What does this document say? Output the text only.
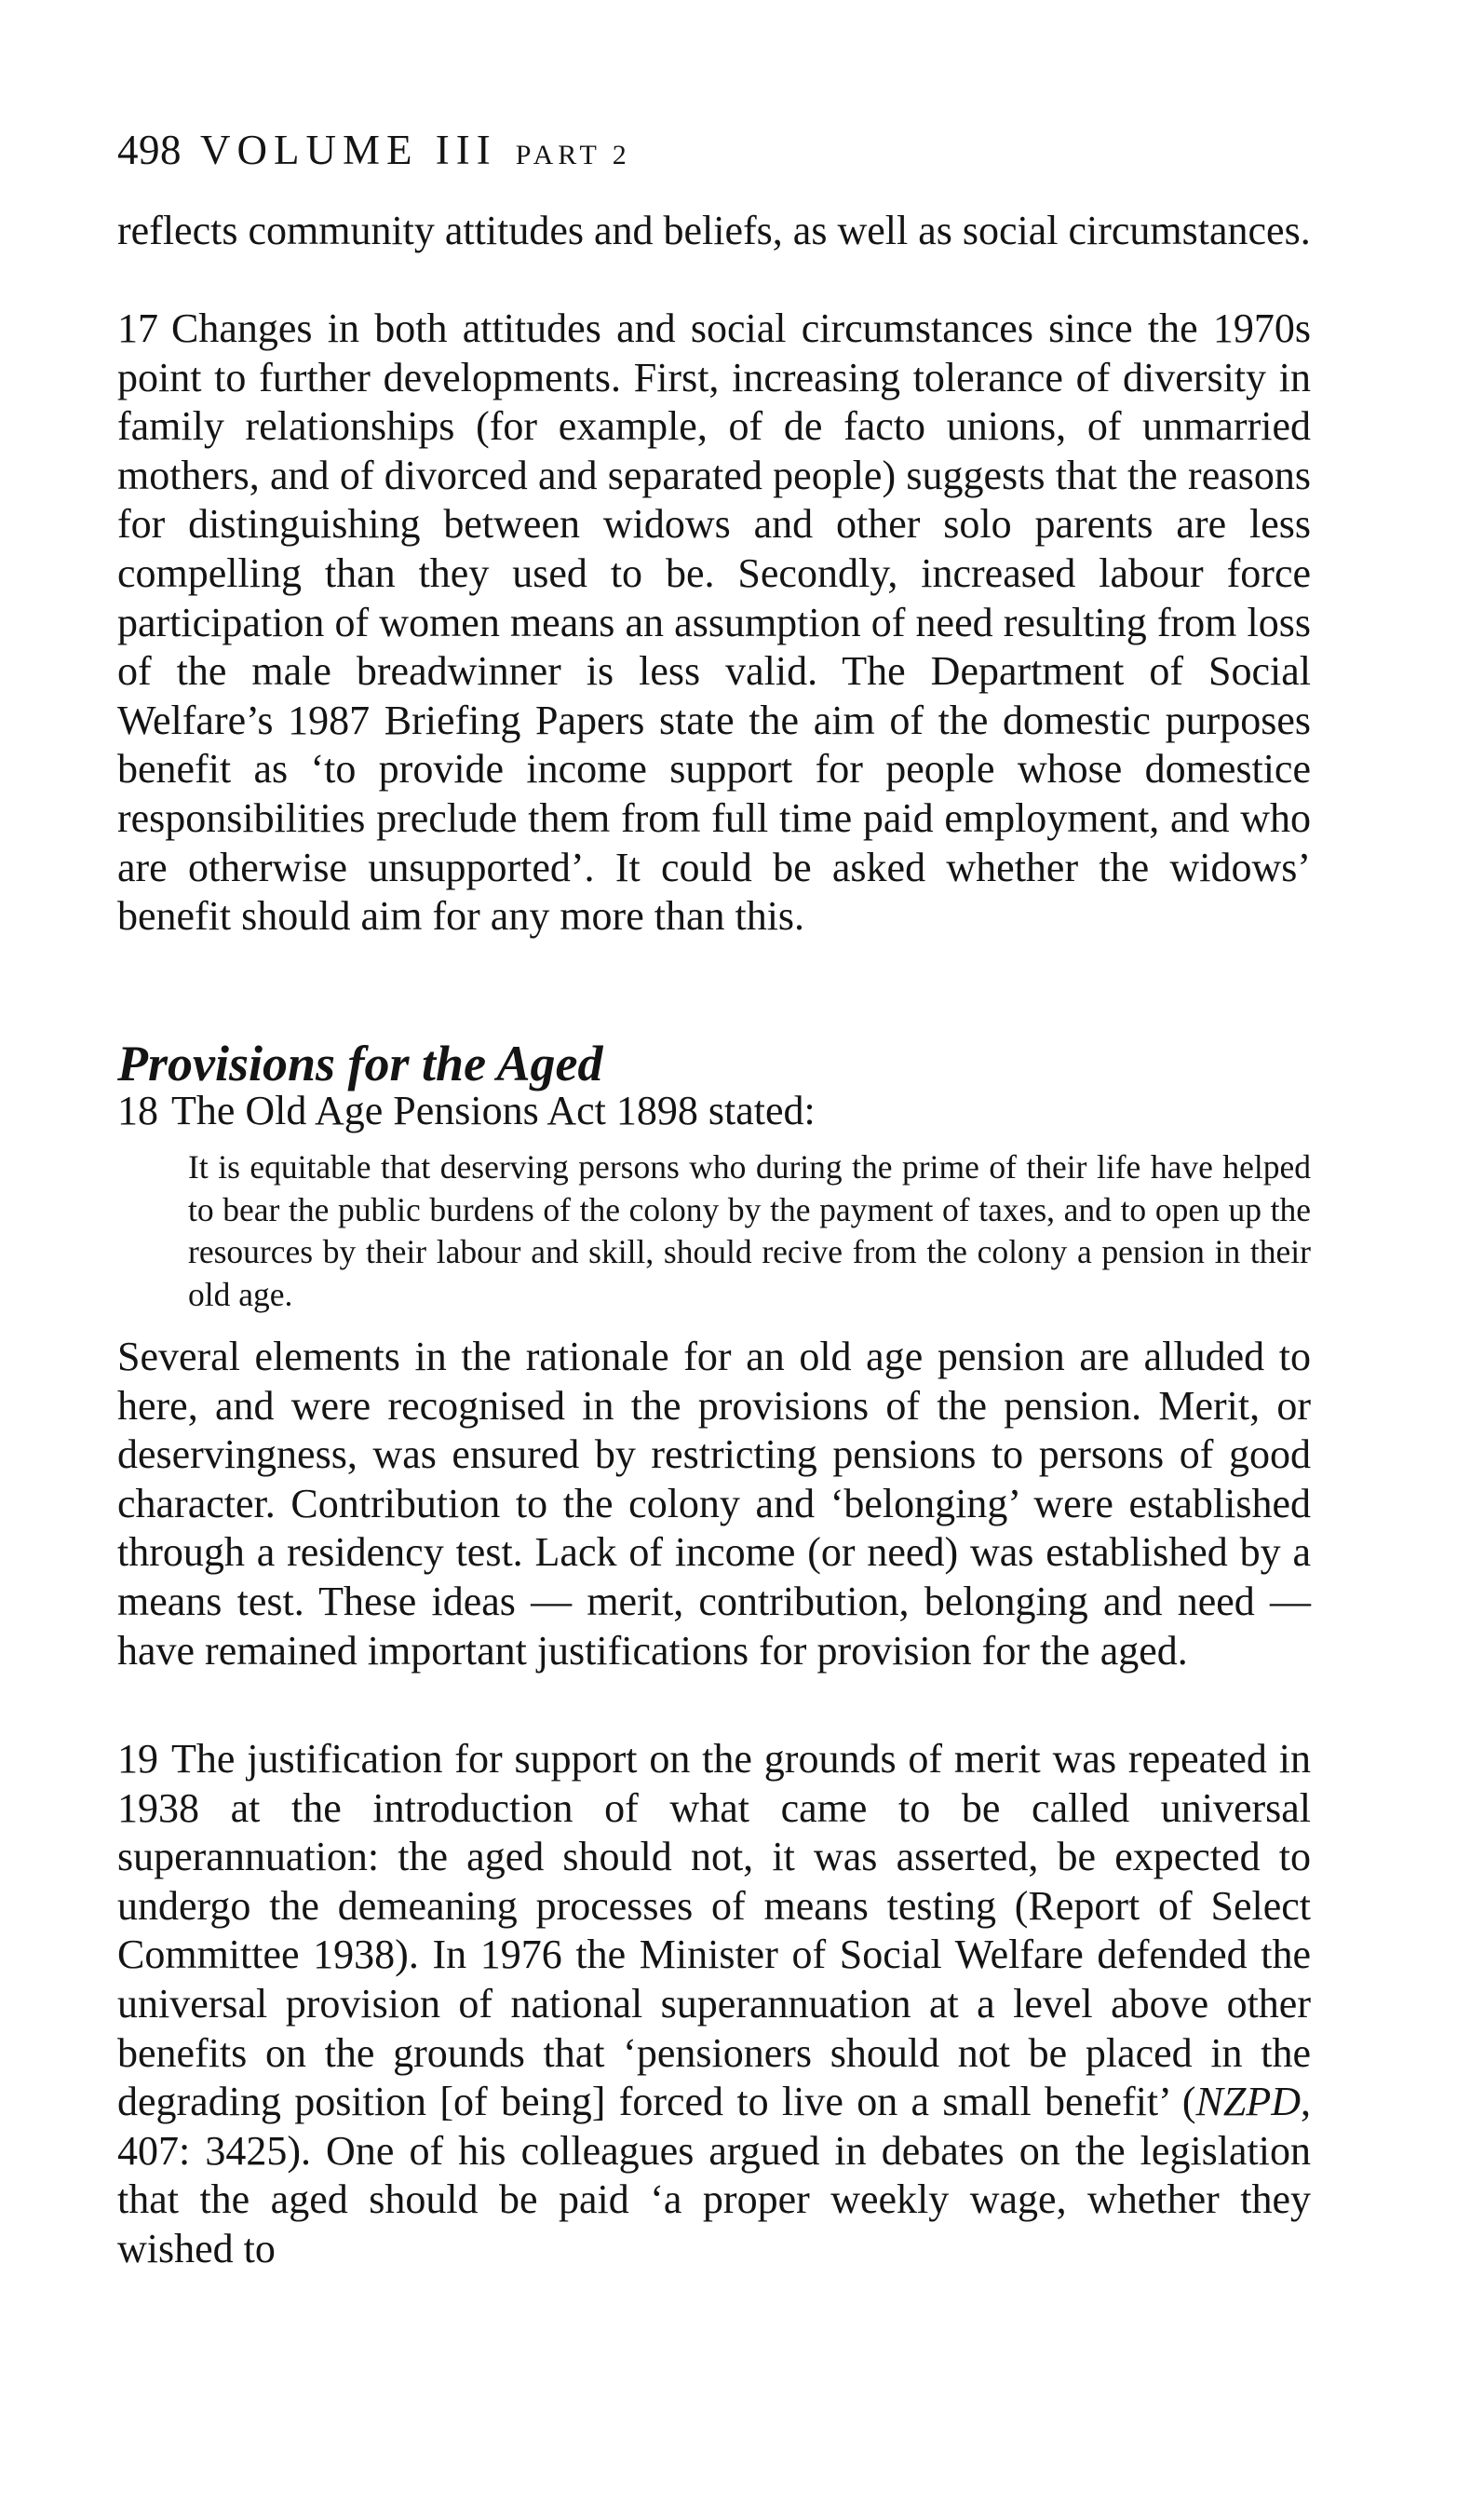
498 VOLUME III PART 2

reflects community attitudes and beliefs, as well as social circumstances.

17 Changes in both attitudes and social circumstances since the 1970s point to further developments. First, increasing tolerance of diversity in family relationships (for example, of de facto unions, of unmarried mothers, and of divorced and separated people) suggests that the reasons for distinguishing between widows and other solo parents are less compelling than they used to be. Secondly, increased labour force participation of women means an assumption of need resulting from loss of the male breadwinner is less valid. The Department of Social Welfare’s 1987 Briefing Papers state the aim of the domestic purposes benefit as ‘to provide income support for people whose domestice responsibilities preclude them from full time paid employment, and who are otherwise unsupported’. It could be asked whether the widows’ benefit should aim for any more than this.

Provisions for the Aged

18 The Old Age Pensions Act 1898 stated:

It is equitable that deserving persons who during the prime of their life have helped to bear the public burdens of the colony by the payment of taxes, and to open up the resources by their labour and skill, should recive from the colony a pension in their old age.

Several elements in the rationale for an old age pension are alluded to here, and were recognised in the provisions of the pension. Merit, or deservingness, was ensured by restricting pensions to persons of good character. Contribution to the colony and ‘belonging’ were established through a residency test. Lack of income (or need) was established by a means test. These ideas — merit, contribution, belonging and need — have remained important justifications for provision for the aged.

19 The justification for support on the grounds of merit was repeated in 1938 at the introduction of what came to be called universal superannuation: the aged should not, it was asserted, be expected to undergo the demeaning processes of means testing (Report of Select Committee 1938). In 1976 the Minister of Social Welfare defended the universal provision of national superannuation at a level above other benefits on the grounds that ‘pensioners should not be placed in the degrading position [of being] forced to live on a small benefit’ (NZPD, 407: 3425). One of his colleagues argued in debates on the legislation that the aged should be paid ‘a proper weekly wage, whether they wished to
